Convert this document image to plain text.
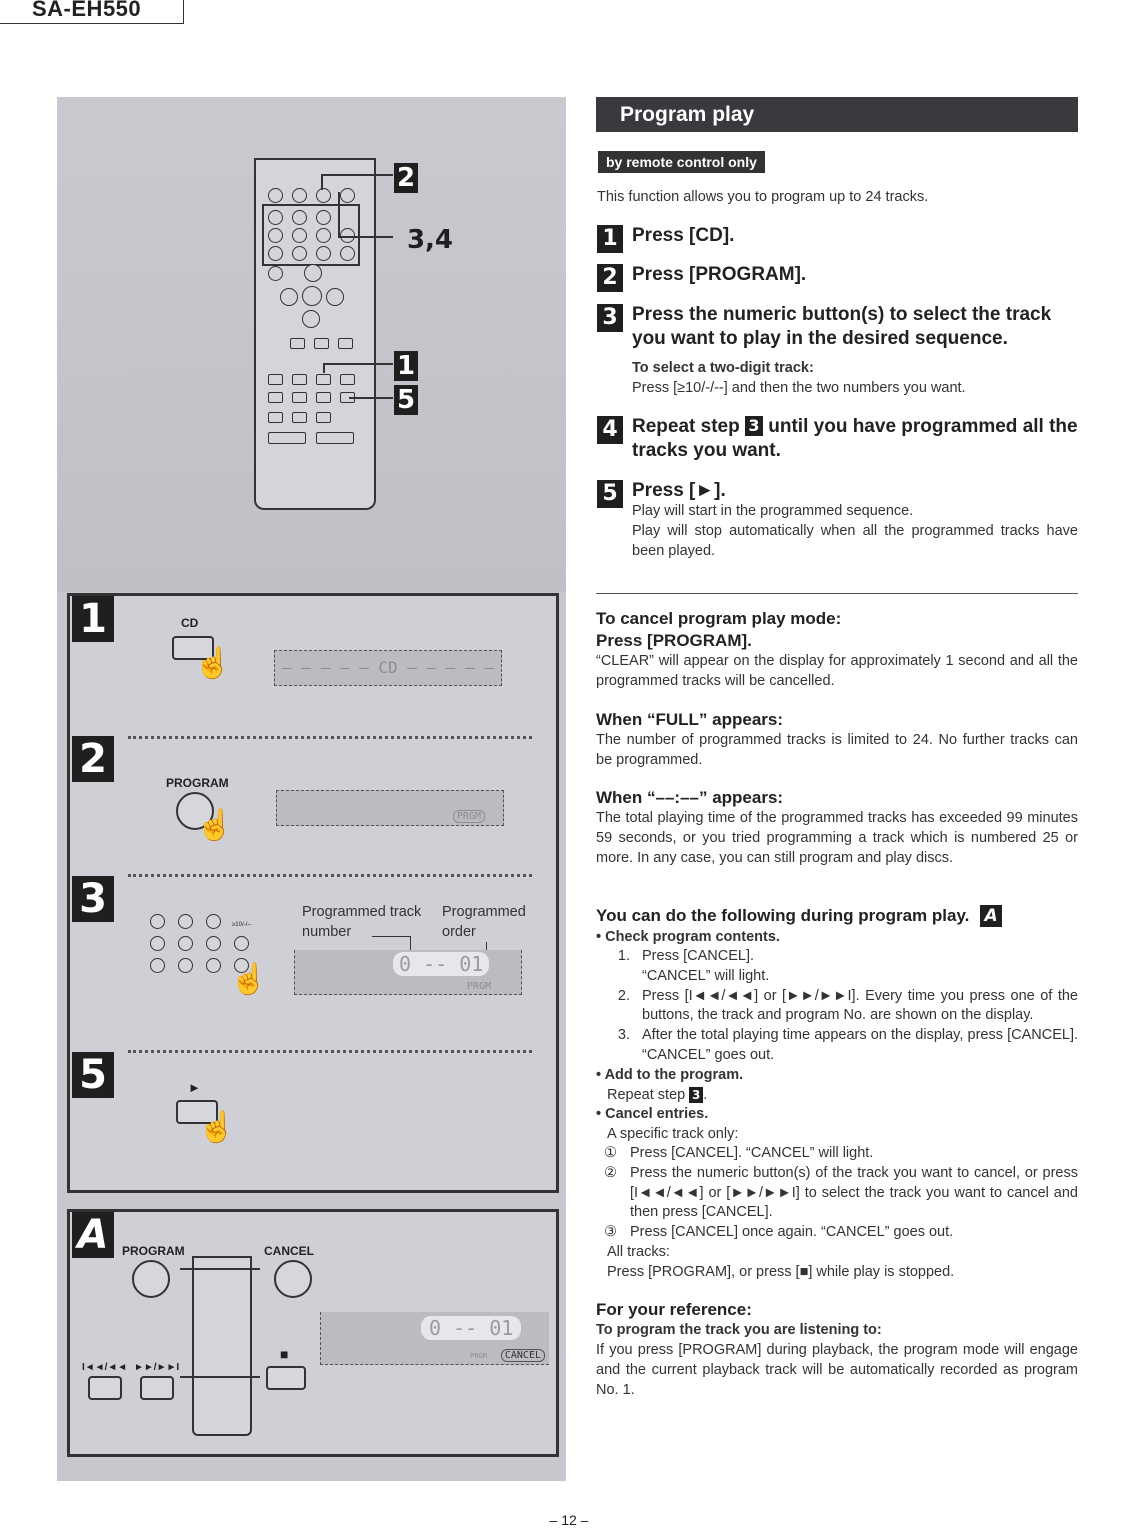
SA-EH550
2
3,4
1
5
1	CD
☝	– – – – – CD – – – – –
2
PROGRAM
☝	PRGM
3
≥10/-/--
☝
Programmed track number
Programmed order
0 -- 01
PRGM
5	►
☝
A	PROGRAM	CANCEL
I◄◄/◄◄ ►►/►►I
■
0 -- 01
PRGM	CANCEL
Program play
by remote control only
This function allows you to program up to 24 tracks.
1 Press [CD].
2 Press [PROGRAM].
3 Press the numeric button(s) to select the track you want to play in the desired sequence.
To select a two-digit track:
Press [≥10/-/--] and then the two numbers you want.
4 Repeat step 3 until you have programmed all the tracks you want.
5 Press [►].
Play will start in the programmed sequence.
Play will stop automatically when all the programmed tracks have been played.
To cancel program play mode:
Press [PROGRAM].
“CLEAR” will appear on the display for approximately 1 second and all the programmed tracks will be cancelled.
When “FULL” appears:
The number of programmed tracks is limited to 24. No further tracks can be programmed.
When “––:––” appears:
The total playing time of the programmed tracks has exceeded 99 minutes 59 seconds, or you tried programming a track which is numbered 25 or more. In any case, you can still program and play discs.
You can do the following during program play. A
• Check program contents.
1. Press [CANCEL].
“CANCEL” will light.
2. Press [I◄◄/◄◄] or [►►/►►I]. Every time you press one of the buttons, the track and program No. are shown on the display.
3. After the total playing time appears on the display, press [CANCEL]. “CANCEL” goes out.
• Add to the program.
Repeat step 3 .
• Cancel entries.
A specific track only:
① Press [CANCEL]. “CANCEL” will light.
② Press the numeric button(s) of the track you want to cancel, or press [I◄◄/◄◄] or [►►/►►I] to select the track you want to cancel and then press [CANCEL].
③ Press [CANCEL] once again. “CANCEL” goes out.
All tracks:
Press [PROGRAM], or press [■] while play is stopped.
For your reference:
To program the track you are listening to:
If you press [PROGRAM] during playback, the program mode will engage and the current playback track will be automatically recorded as program No. 1.
– 12 –
